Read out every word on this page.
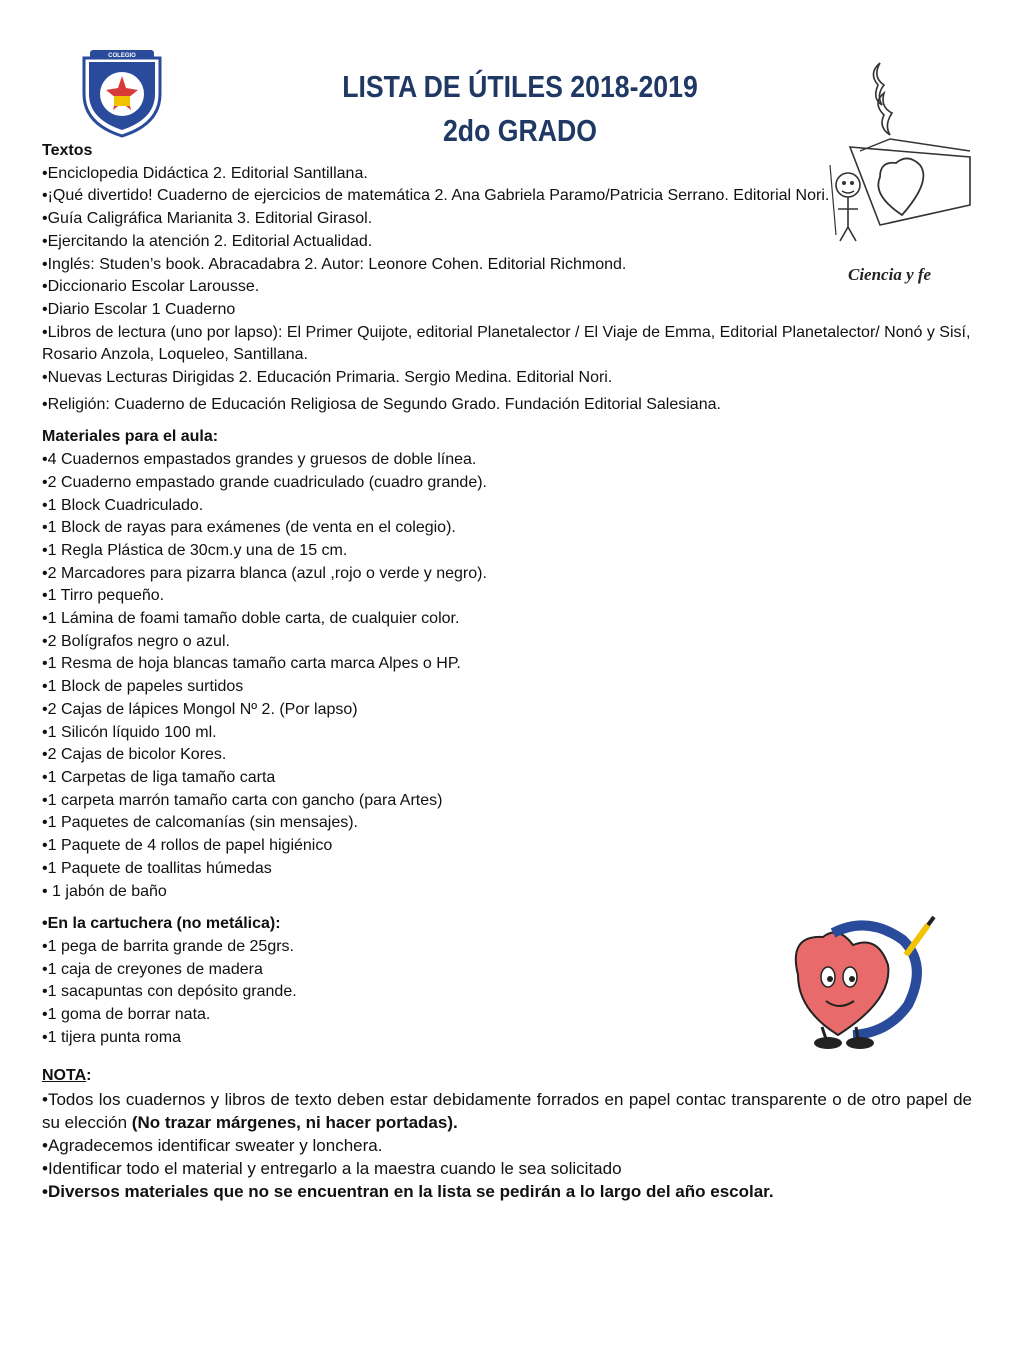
COLEGIO
LISTA DE ÚTILES 2018-2019
2do GRADO
Ciencia y fe
Textos
•Enciclopedia Didáctica 2. Editorial Santillana.
•¡Qué divertido! Cuaderno de ejercicios de matemática 2. Ana Gabriela Paramo/Patricia Serrano. Editorial Nori.
•Guía Caligráfica Marianita 3. Editorial Girasol.
•Ejercitando la atención 2. Editorial Actualidad.
•Inglés: Studen’s book. Abracadabra 2. Autor: Leonore Cohen. Editorial Richmond.
•Diccionario Escolar Larousse.
•Diario Escolar 1 Cuaderno
•Libros de lectura (uno por lapso): El Primer Quijote, editorial Planetalector / El Viaje de Emma, Editorial Planetalector/ Nonó y Sisí, Rosario Anzola, Loqueleo, Santillana.
•Nuevas Lecturas Dirigidas 2. Educación Primaria. Sergio Medina. Editorial Nori.
•Religión: Cuaderno de Educación Religiosa de Segundo Grado. Fundación Editorial Salesiana.
Materiales para el aula:
•4 Cuadernos empastados grandes y gruesos de doble línea.
•2 Cuaderno empastado grande cuadriculado (cuadro grande).
•1 Block Cuadriculado.
•1 Block de rayas para exámenes (de venta en el colegio).
•1 Regla Plástica de 30cm.y una de 15 cm.
•2 Marcadores para pizarra blanca (azul ,rojo o verde y negro).
•1 Tirro pequeño.
•1 Lámina de foami tamaño doble carta, de cualquier color.
•2 Bolígrafos negro o azul.
•1 Resma de hoja blancas tamaño carta marca Alpes o HP.
•1 Block de papeles surtidos
•2 Cajas de lápices Mongol Nº 2. (Por lapso)
•1 Silicón líquido 100 ml.
•2 Cajas de bicolor Kores.
•1 Carpetas de liga tamaño carta
•1 carpeta marrón tamaño carta con gancho (para Artes)
•1 Paquetes de calcomanías (sin mensajes).
•1 Paquete de 4 rollos de papel higiénico
•1 Paquete de toallitas húmedas
• 1 jabón de baño
•En la cartuchera (no metálica):
•1 pega de barrita grande de 25grs.
•1 caja de creyones de madera
•1 sacapuntas con depósito grande.
•1 goma de borrar nata.
•1 tijera punta roma
NOTA:
•Todos los cuadernos y libros de texto deben estar debidamente forrados en papel contac transparente o de otro papel de su elección (No trazar márgenes, ni hacer portadas).
•Agradecemos identificar sweater y lonchera.
•Identificar todo el material y entregarlo a la maestra cuando le sea solicitado
•Diversos materiales que no se encuentran en la lista se pedirán a lo largo del año escolar.
